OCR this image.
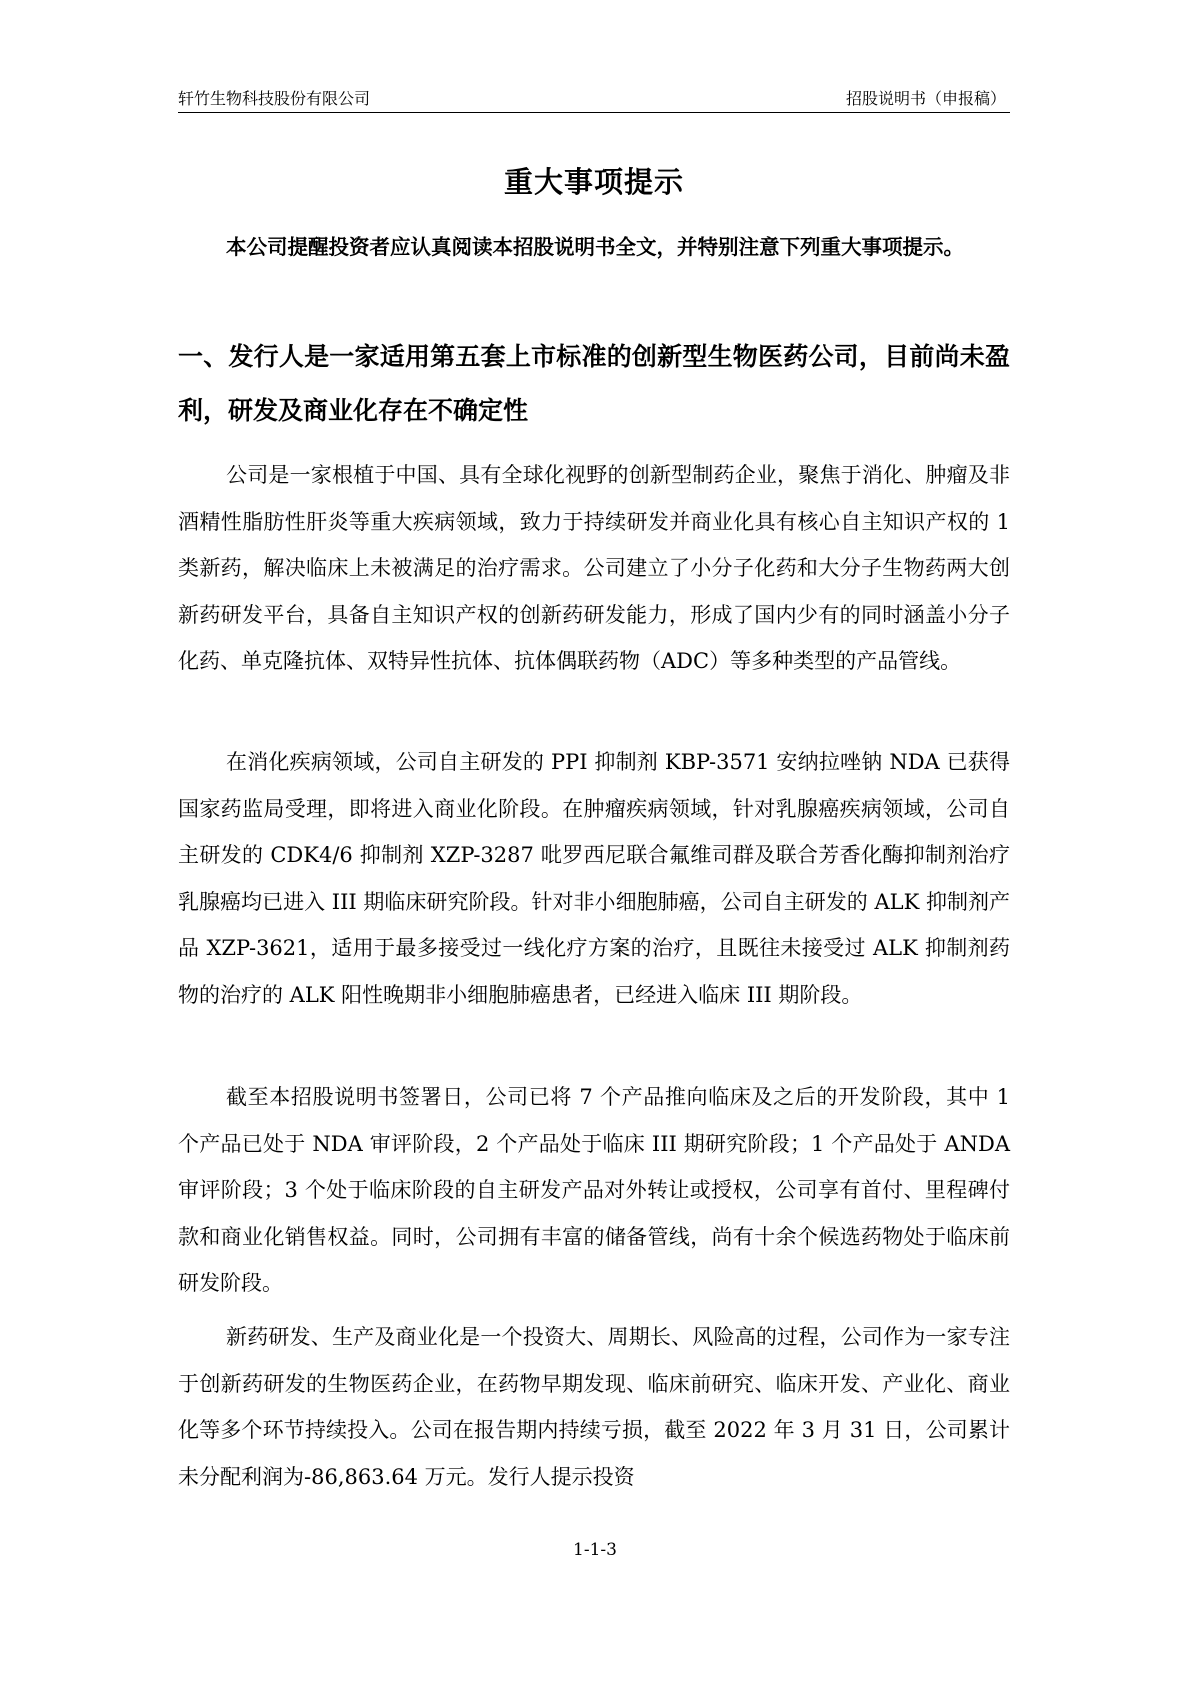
轩竹生物科技股份有限公司	招股说明书（申报稿）
重大事项提示

本公司提醒投资者应认真阅读本招股说明书全文，并特别注意下列重大事项提示。

一、发行人是一家适用第五套上市标准的创新型生物医药公司，目前尚未盈利，研发及商业化存在不确定性

公司是一家根植于中国、具有全球化视野的创新型制药企业，聚焦于消化、肿瘤及非酒精性脂肪性肝炎等重大疾病领域，致力于持续研发并商业化具有核心自主知识产权的 1 类新药，解决临床上未被满足的治疗需求。公司建立了小分子化药和大分子生物药两大创新药研发平台，具备自主知识产权的创新药研发能力，形成了国内少有的同时涵盖小分子化药、单克隆抗体、双特异性抗体、抗体偶联药物（ADC）等多种类型的产品管线。

在消化疾病领域，公司自主研发的 PPI 抑制剂 KBP-3571 安纳拉唑钠 NDA 已获得国家药监局受理，即将进入商业化阶段。在肿瘤疾病领域，针对乳腺癌疾病领域，公司自主研发的 CDK4/6 抑制剂 XZP-3287 吡罗西尼联合氟维司群及联合芳香化酶抑制剂治疗乳腺癌均已进入 III 期临床研究阶段。针对非小细胞肺癌，公司自主研发的 ALK 抑制剂产品 XZP-3621，适用于最多接受过一线化疗方案的治疗，且既往未接受过 ALK 抑制剂药物的治疗的 ALK 阳性晚期非小细胞肺癌患者，已经进入临床 III 期阶段。

截至本招股说明书签署日，公司已将 7 个产品推向临床及之后的开发阶段，其中 1 个产品已处于 NDA 审评阶段，2 个产品处于临床 III 期研究阶段；1 个产品处于 ANDA 审评阶段；3 个处于临床阶段的自主研发产品对外转让或授权，公司享有首付、里程碑付款和商业化销售权益。同时，公司拥有丰富的储备管线，尚有十余个候选药物处于临床前研发阶段。

新药研发、生产及商业化是一个投资大、周期长、风险高的过程，公司作为一家专注于创新药研发的生物医药企业，在药物早期发现、临床前研究、临床开发、产业化、商业化等多个环节持续投入。公司在报告期内持续亏损，截至 2022 年 3 月 31 日，公司累计未分配利润为-86,863.64 万元。发行人提示投资

1-1-3
